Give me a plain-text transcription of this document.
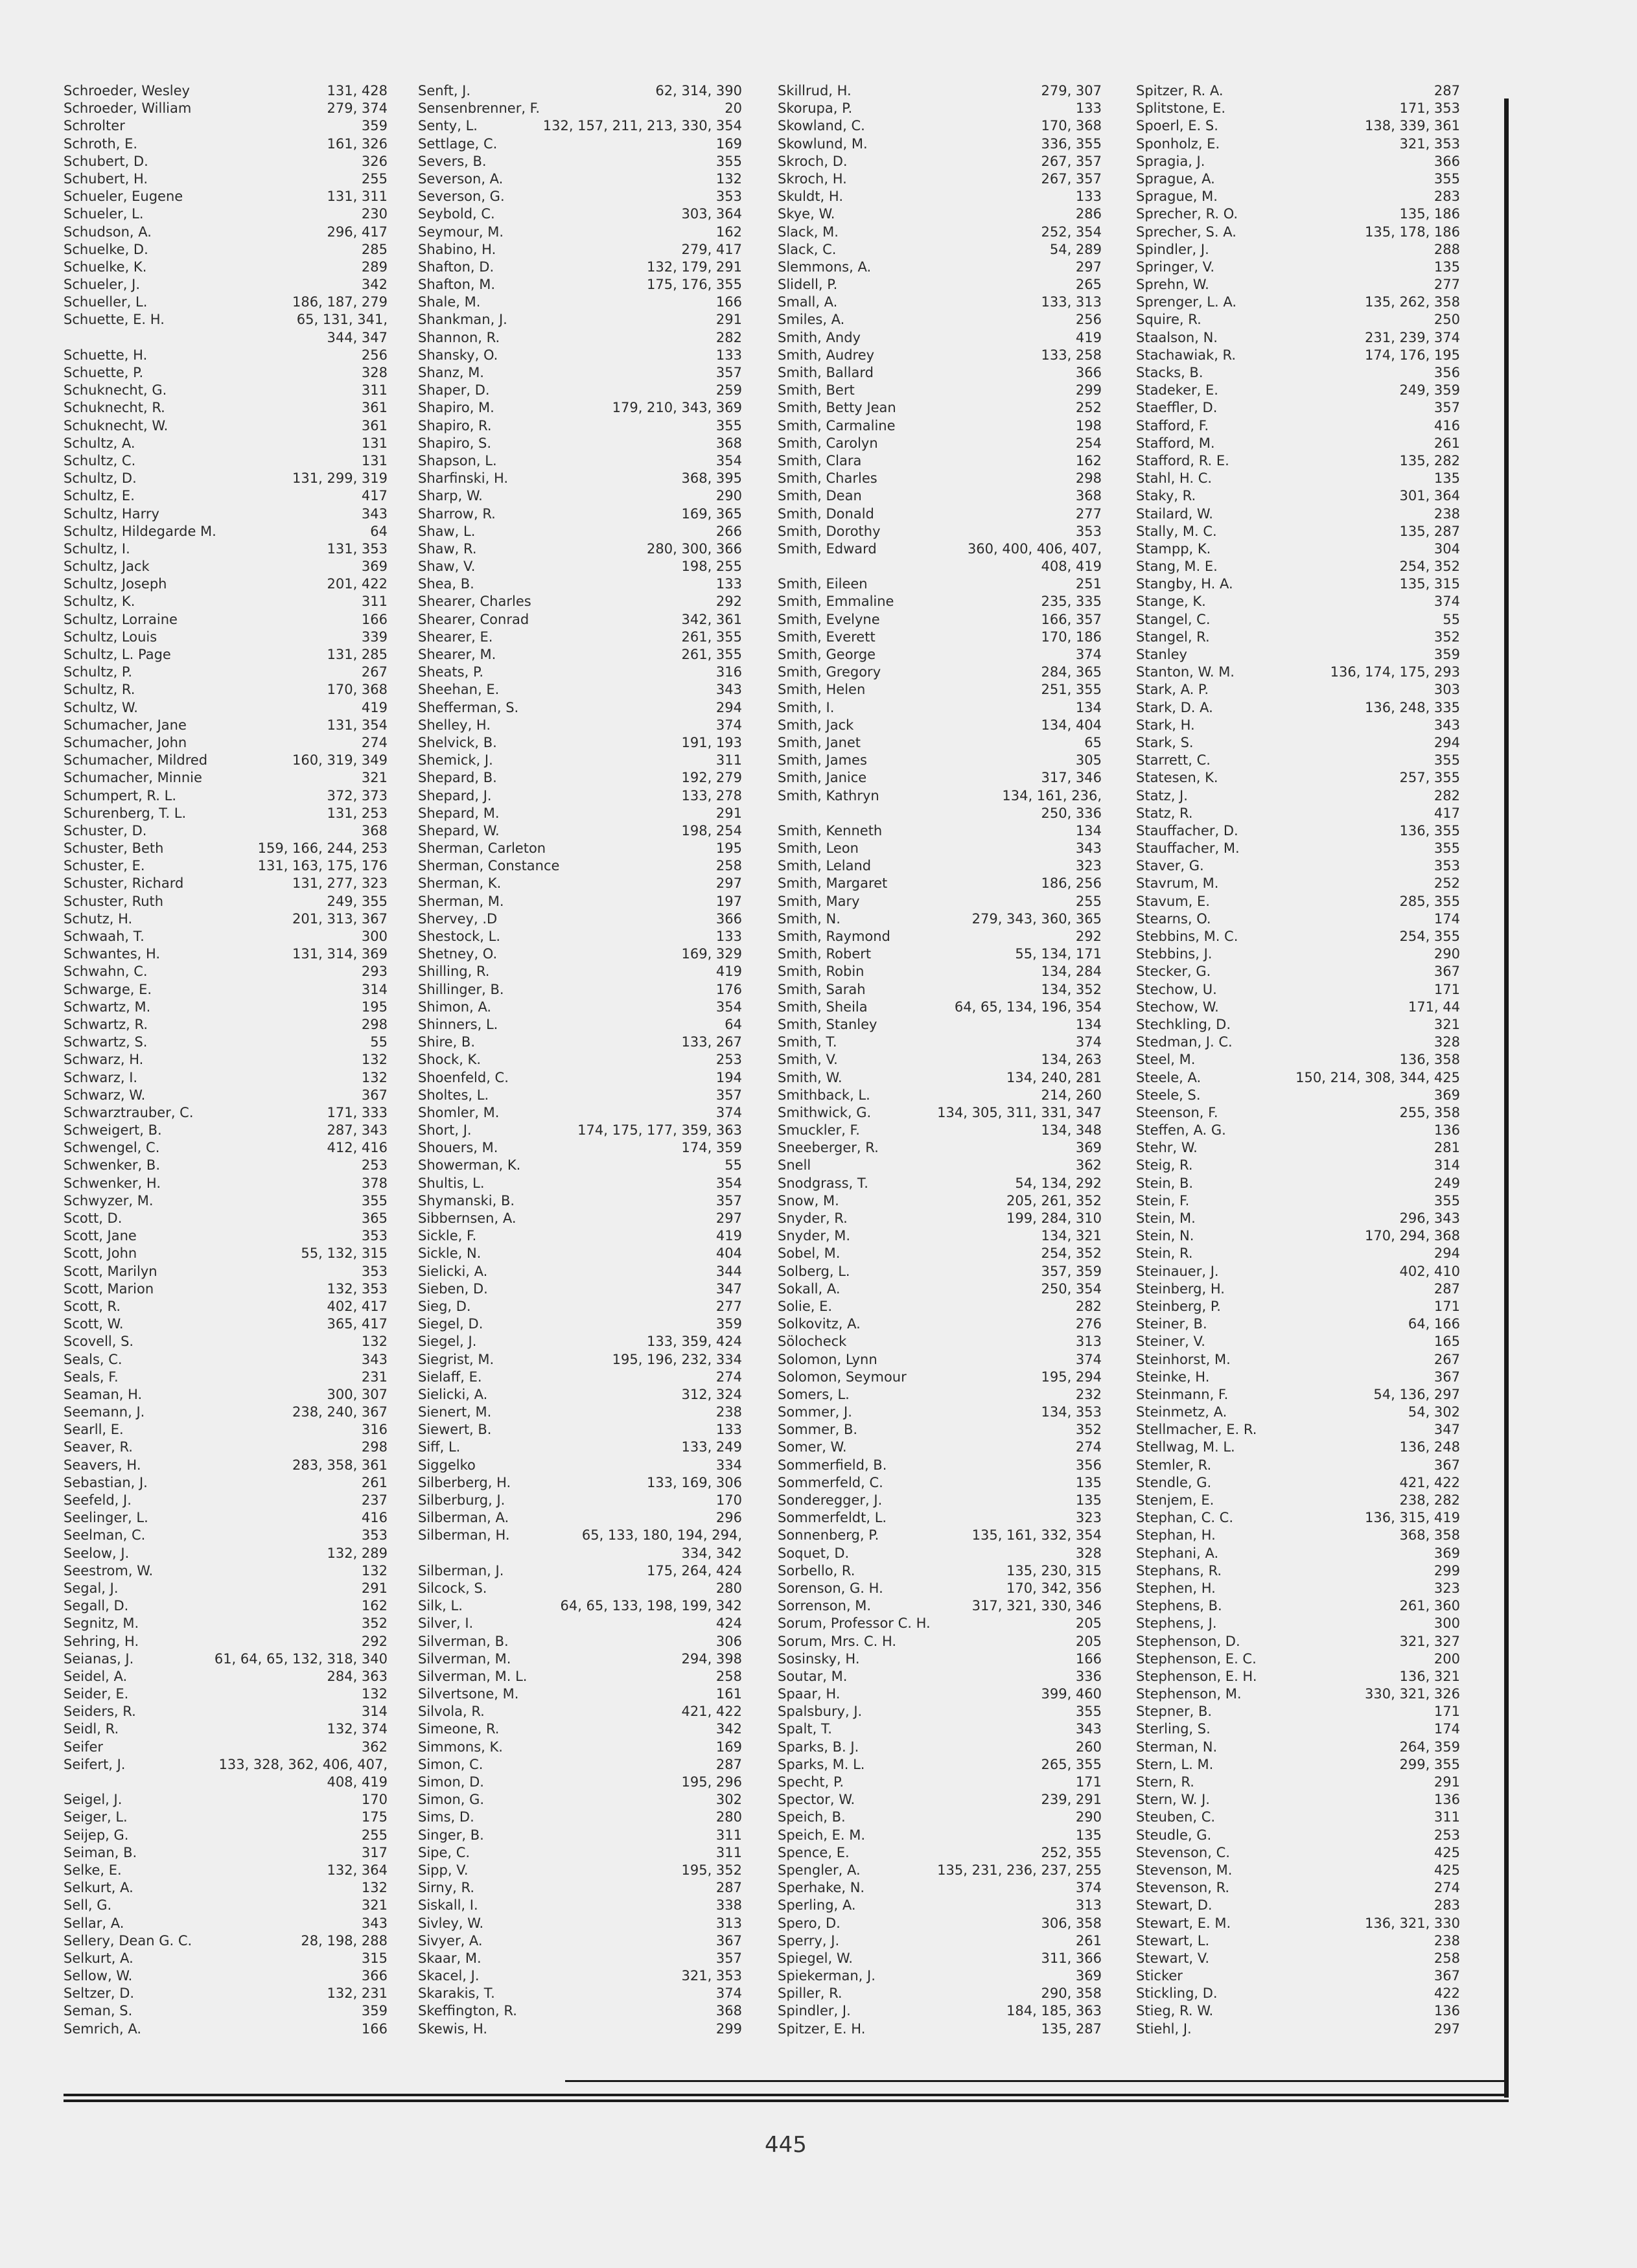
Schroeder, Wesley	131, 428
Schroeder, William	279, 374
Schrolter	359
Schroth, E.	161, 326
Schubert, D.	326
Schubert, H.	255
Schueler, Eugene	131, 311
Schueler, L.	230
Schudson, A.	296, 417
Schuelke, D.	285
Schuelke, K.	289
Schueler, J.	342
Schueller, L.	186, 187, 279
Schuette, E. H.	65, 131, 341,
344, 347
Schuette, H.	256
Schuette, P.	328
Schuknecht, G.	311
Schuknecht, R.	361
Schuknecht, W.	361
Schultz, A.	131
Schultz, C.	131
Schultz, D.	131, 299, 319
Schultz, E.	417
Schultz, Harry	343
Schultz, Hildegarde M.	64
Schultz, I.	131, 353
Schultz, Jack	369
Schultz, Joseph	201, 422
Schultz, K.	311
Schultz, Lorraine	166
Schultz, Louis	339
Schultz, L. Page	131, 285
Schultz, P.	267
Schultz, R.	170, 368
Schultz, W.	419
Schumacher, Jane	131, 354
Schumacher, John	274
Schumacher, Mildred	160, 319, 349
Schumacher, Minnie	321
Schumpert, R. L.	372, 373
Schurenberg, T. L.	131, 253
Schuster, D.	368
Schuster, Beth	159, 166, 244, 253
Schuster, E.	131, 163, 175, 176
Schuster, Richard	131, 277, 323
Schuster, Ruth	249, 355
Schutz, H.	201, 313, 367
Schwaah, T.	300
Schwantes, H.	131, 314, 369
Schwahn, C.	293
Schwarge, E.	314
Schwartz, M.	195
Schwartz, R.	298
Schwartz, S.	55
Schwarz, H.	132
Schwarz, I.	132
Schwarz, W.	367
Schwarztrauber, C.	171, 333
Schweigert, B.	287, 343
Schwengel, C.	412, 416
Schwenker, B.	253
Schwenker, H.	378
Schwyzer, M.	355
Scott, D.	365
Scott, Jane	353
Scott, John	55, 132, 315
Scott, Marilyn	353
Scott, Marion	132, 353
Scott, R.	402, 417
Scott, W.	365, 417
Scovell, S.	132
Seals, C.	343
Seals, F.	231
Seaman, H.	300, 307
Seemann, J.	238, 240, 367
Searll, E.	316
Seaver, R.	298
Seavers, H.	283, 358, 361
Sebastian, J.	261
Seefeld, J.	237
Seelinger, L.	416
Seelman, C.	353
Seelow, J.	132, 289
Seestrom, W.	132
Segal, J.	291
Segall, D.	162
Segnitz, M.	352
Sehring, H.	292
Seianas, J.	61, 64, 65, 132, 318, 340
Seidel, A.	284, 363
Seider, E.	132
Seiders, R.	314
Seidl, R.	132, 374
Seifer	362
Seifert, J.	133, 328, 362, 406, 407,
408, 419
Seigel, J.	170
Seiger, L.	175
Seijep, G.	255
Seiman, B.	317
Selke, E.	132, 364
Selkurt, A.	132
Sell, G.	321
Sellar, A.	343
Sellery, Dean G. C.	28, 198, 288
Selkurt, A.	315
Sellow, W.	366
Seltzer, D.	132, 231
Seman, S.	359
Semrich, A.	166
Senft, J.	62, 314, 390
Sensenbrenner, F.	20
Senty, L.	132, 157, 211, 213, 330, 354
Settlage, C.	169
Severs, B.	355
Severson, A.	132
Severson, G.	353
Seybold, C.	303, 364
Seymour, M.	162
Shabino, H.	279, 417
Shafton, D.	132, 179, 291
Shafton, M.	175, 176, 355
Shale, M.	166
Shankman, J.	291
Shannon, R.	282
Shansky, O.	133
Shanz, M.	357
Shaper, D.	259
Shapiro, M.	179, 210, 343, 369
Shapiro, R.	355
Shapiro, S.	368
Shapson, L.	354
Sharfinski, H.	368, 395
Sharp, W.	290
Sharrow, R.	169, 365
Shaw, L.	266
Shaw, R.	280, 300, 366
Shaw, V.	198, 255
Shea, B.	133
Shearer, Charles	292
Shearer, Conrad	342, 361
Shearer, E.	261, 355
Shearer, M.	261, 355
Sheats, P.	316
Sheehan, E.	343
Shefferman, S.	294
Shelley, H.	374
Shelvick, B.	191, 193
Shemick, J.	311
Shepard, B.	192, 279
Shepard, J.	133, 278
Shepard, M.	291
Shepard, W.	198, 254
Sherman, Carleton	195
Sherman, Constance	258
Sherman, K.	297
Sherman, M.	197
Shervey, .D	366
Shestock, L.	133
Shetney, O.	169, 329
Shilling, R.	419
Shillinger, B.	176
Shimon, A.	354
Shinners, L.	64
Shire, B.	133, 267
Shock, K.	253
Shoenfeld, C.	194
Sholtes, L.	357
Shomler, M.	374
Short, J.	174, 175, 177, 359, 363
Shouers, M.	174, 359
Showerman, K.	55
Shultis, L.	354
Shymanski, B.	357
Sibbernsen, A.	297
Sickle, F.	419
Sickle, N.	404
Sielicki, A.	344
Sieben, D.	347
Sieg, D.	277
Siegel, D.	359
Siegel, J.	133, 359, 424
Siegrist, M.	195, 196, 232, 334
Sielaff, E.	274
Sielicki, A.	312, 324
Sienert, M.	238
Siewert, B.	133
Siff, L.	133, 249
Siggelko	334
Silberberg, H.	133, 169, 306
Silberburg, J.	170
Silberman, A.	296
Silberman, H.	65, 133, 180, 194, 294,
334, 342
Silberman, J.	175, 264, 424
Silcock, S.	280
Silk, L.	64, 65, 133, 198, 199, 342
Silver, I.	424
Silverman, B.	306
Silverman, M.	294, 398
Silverman, M. L.	258
Silvertsone, M.	161
Silvola, R.	421, 422
Simeone, R.	342
Simmons, K.	169
Simon, C.	287
Simon, D.	195, 296
Simon, G.	302
Sims, D.	280
Singer, B.	311
Sipe, C.	311
Sipp, V.	195, 352
Sirny, R.	287
Siskall, I.	338
Sivley, W.	313
Sivyer, A.	367
Skaar, M.	357
Skacel, J.	321, 353
Skarakis, T.	374
Skeffington, R.	368
Skewis, H.	299
Skillrud, H.	279, 307
Skorupa, P.	133
Skowland, C.	170, 368
Skowlund, M.	336, 355
Skroch, D.	267, 357
Skroch, H.	267, 357
Skuldt, H.	133
Skye, W.	286
Slack, M.	252, 354
Slack, C.	54, 289
Slemmons, A.	297
Slidell, P.	265
Small, A.	133, 313
Smiles, A.	256
Smith, Andy	419
Smith, Audrey	133, 258
Smith, Ballard	366
Smith, Bert	299
Smith, Betty Jean	252
Smith, Carmaline	198
Smith, Carolyn	254
Smith, Clara	162
Smith, Charles	298
Smith, Dean	368
Smith, Donald	277
Smith, Dorothy	353
Smith, Edward	360, 400, 406, 407,
408, 419
Smith, Eileen	251
Smith, Emmaline	235, 335
Smith, Evelyne	166, 357
Smith, Everett	170, 186
Smith, George	374
Smith, Gregory	284, 365
Smith, Helen	251, 355
Smith, I.	134
Smith, Jack	134, 404
Smith, Janet	65
Smith, James	305
Smith, Janice	317, 346
Smith, Kathryn	134, 161, 236,
250, 336
Smith, Kenneth	134
Smith, Leon	343
Smith, Leland	323
Smith, Margaret	186, 256
Smith, Mary	255
Smith, N.	279, 343, 360, 365
Smith, Raymond	292
Smith, Robert	55, 134, 171
Smith, Robin	134, 284
Smith, Sarah	134, 352
Smith, Sheila	64, 65, 134, 196, 354
Smith, Stanley	134
Smith, T.	374
Smith, V.	134, 263
Smith, W.	134, 240, 281
Smithback, L.	214, 260
Smithwick, G.	134, 305, 311, 331, 347
Smuckler, F.	134, 348
Sneeberger, R.	369
Snell	362
Snodgrass, T.	54, 134, 292
Snow, M.	205, 261, 352
Snyder, R.	199, 284, 310
Snyder, M.	134, 321
Sobel, M.	254, 352
Solberg, L.	357, 359
Sokall, A.	250, 354
Solie, E.	282
Solkovitz, A.	276
Sölocheck	313
Solomon, Lynn	374
Solomon, Seymour	195, 294
Somers, L.	232
Sommer, J.	134, 353
Sommer, B.	352
Somer, W.	274
Sommerfield, B.	356
Sommerfeld, C.	135
Sonderegger, J.	135
Sommerfeldt, L.	323
Sonnenberg, P.	135, 161, 332, 354
Soquet, D.	328
Sorbello, R.	135, 230, 315
Sorenson, G. H.	170, 342, 356
Sorrenson, M.	317, 321, 330, 346
Sorum, Professor C. H.	205
Sorum, Mrs. C. H.	205
Sosinsky, H.	166
Soutar, M.	336
Spaar, H.	399, 460
Spalsbury, J.	355
Spalt, T.	343
Sparks, B. J.	260
Sparks, M. L.	265, 355
Specht, P.	171
Spector, W.	239, 291
Speich, B.	290
Speich, E. M.	135
Spence, E.	252, 355
Spengler, A.	135, 231, 236, 237, 255
Sperhake, N.	374
Sperling, A.	313
Spero, D.	306, 358
Sperry, J.	261
Spiegel, W.	311, 366
Spiekerman, J.	369
Spiller, R.	290, 358
Spindler, J.	184, 185, 363
Spitzer, E. H.	135, 287
Spitzer, R. A.	287
Splitstone, E.	171, 353
Spoerl, E. S.	138, 339, 361
Sponholz, E.	321, 353
Spragia, J.	366
Sprague, A.	355
Sprague, M.	283
Sprecher, R. O.	135, 186
Sprecher, S. A.	135, 178, 186
Spindler, J.	288
Springer, V.	135
Sprehn, W.	277
Sprenger, L. A.	135, 262, 358
Squire, R.	250
Staalson, N.	231, 239, 374
Stachawiak, R.	174, 176, 195
Stacks, B.	356
Stadeker, E.	249, 359
Staeffler, D.	357
Stafford, F.	416
Stafford, M.	261
Stafford, R. E.	135, 282
Stahl, H. C.	135
Staky, R.	301, 364
Stailard, W.	238
Stally, M. C.	135, 287
Stampp, K.	304
Stang, M. E.	254, 352
Stangby, H. A.	135, 315
Stange, K.	374
Stangel, C.	55
Stangel, R.	352
Stanley	359
Stanton, W. M.	136, 174, 175, 293
Stark, A. P.	303
Stark, D. A.	136, 248, 335
Stark, H.	343
Stark, S.	294
Starrett, C.	355
Statesen, K.	257, 355
Statz, J.	282
Statz, R.	417
Stauffacher, D.	136, 355
Stauffacher, M.	355
Staver, G.	353
Stavrum, M.	252
Stavum, E.	285, 355
Stearns, O.	174
Stebbins, M. C.	254, 355
Stebbins, J.	290
Stecker, G.	367
Stechow, U.	171
Stechow, W.	171, 44
Stechkling, D.	321
Stedman, J. C.	328
Steel, M.	136, 358
Steele, A.	150, 214, 308, 344, 425
Steele, S.	369
Steenson, F.	255, 358
Steffen, A. G.	136
Stehr, W.	281
Steig, R.	314
Stein, B.	249
Stein, F.	355
Stein, M.	296, 343
Stein, N.	170, 294, 368
Stein, R.	294
Steinauer, J.	402, 410
Steinberg, H.	287
Steinberg, P.	171
Steiner, B.	64, 166
Steiner, V.	165
Steinhorst, M.	267
Steinke, H.	367
Steinmann, F.	54, 136, 297
Steinmetz, A.	54, 302
Stellmacher, E. R.	347
Stellwag, M. L.	136, 248
Stemler, R.	367
Stendle, G.	421, 422
Stenjem, E.	238, 282
Stephan, C. C.	136, 315, 419
Stephan, H.	368, 358
Stephani, A.	369
Stephans, R.	299
Stephen, H.	323
Stephens, B.	261, 360
Stephens, J.	300
Stephenson, D.	321, 327
Stephenson, E. C.	200
Stephenson, E. H.	136, 321
Stephenson, M.	330, 321, 326
Stepner, B.	171
Sterling, S.	174
Sterman, N.	264, 359
Stern, L. M.	299, 355
Stern, R.	291
Stern, W. J.	136
Steuben, C.	311
Steudle, G.	253
Stevenson, C.	425
Stevenson, M.	425
Stevenson, R.	274
Stewart, D.	283
Stewart, E. M.	136, 321, 330
Stewart, L.	238
Stewart, V.	258
Sticker	367
Stickling, D.	422
Stieg, R. W.	136
Stiehl, J.	297
445
